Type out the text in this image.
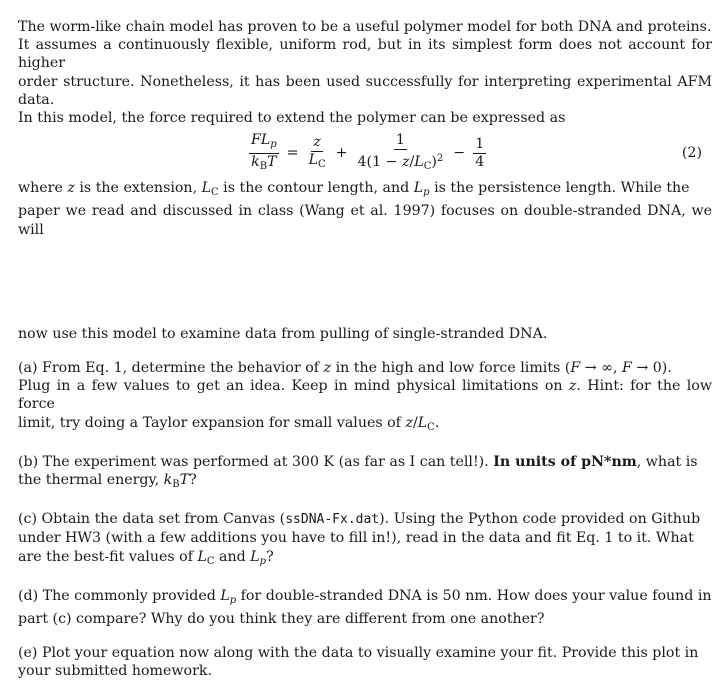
The worm-like chain model has proven to be a useful polymer model for both DNA and proteins.

It assumes a continuously flexible, uniform rod, but in its simplest form does not account for higher

order structure. Nonetheless, it has been used successfully for interpreting experimental AFM data.

In this model, the force required to extend the polymer can be expressed as

$\frac{FL_p}{k_BT} = \frac{z}{L_C} + \frac{1}{4(1 - z/L_C)^2} - \frac{1}{4}$	(2)

where z is the extension, $L_C$ is the contour length, and $L_p$ is the persistence length. While the

paper we read and discussed in class (Wang et al. 1997) focuses on double-stranded DNA, we will

now use this model to examine data from pulling of single-stranded DNA.

(a) From Eq. 1, determine the behavior of z in the high and low force limits (F → ∞, F → 0).

Plug in a few values to get an idea. Keep in mind physical limitations on z. Hint: for the low force

limit, try doing a Taylor expansion for small values of $z/L_C$.

(b) The experiment was performed at 300 K (as far as I can tell!). In units of pN*nm, what is

the thermal energy, $k_BT$?

(c) Obtain the data set from Canvas (ssDNA-Fx.dat). Using the Python code provided on Github

under HW3 (with a few additions you have to fill in!), read in the data and fit Eq. 1 to it. What

are the best-fit values of $L_C$ and $L_p$?

(d) The commonly provided $L_p$ for double-stranded DNA is 50 nm. How does your value found in

part (c) compare? Why do you think they are different from one another?

(e) Plot your equation now along with the data to visually examine your fit. Provide this plot in

your submitted homework.
